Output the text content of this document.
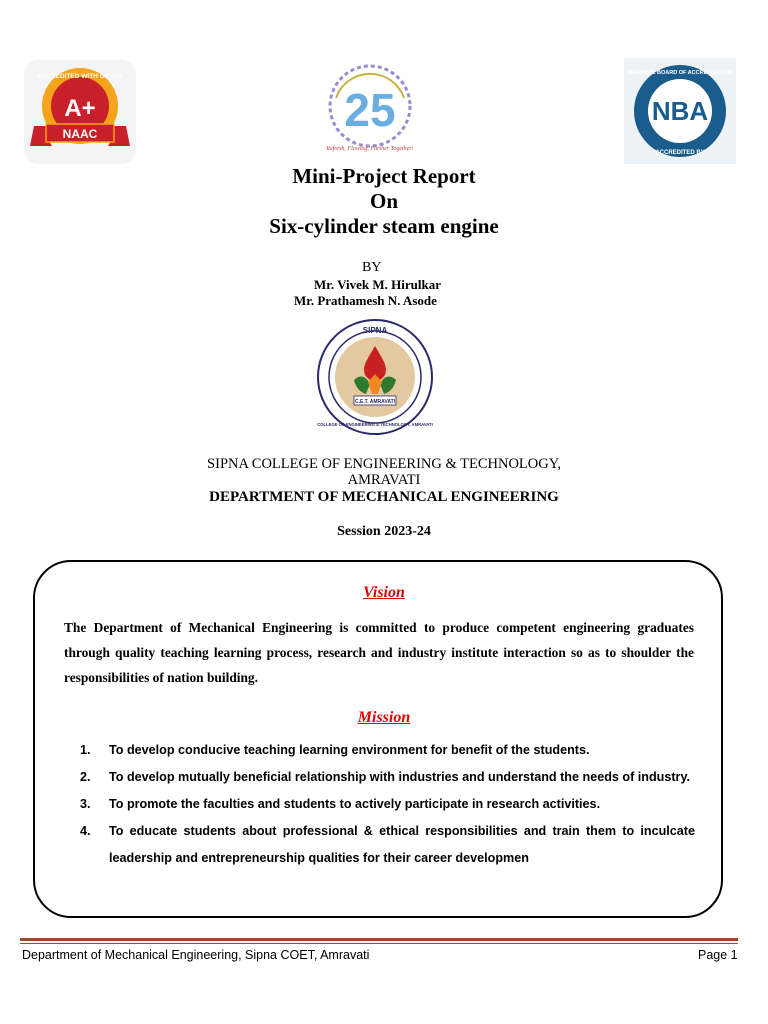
ACCREDITED WITH GRADE
A+
NAAC	25
Refresh, Flowing, Further Together!
NATIONAL BOARD OF ACCREDITATION
NBA
ACCREDITED BY
Mini-Project Report
On
Six-cylinder steam engine
BY
Mr. Vivek M. Hirulkar
Mr. Prathamesh N. Asode
SIPNA
C.E.T. AMRAVATI
COLLEGE OF ENGINEERING & TECHNOLOGY, AMRAVATI
SIPNA COLLEGE OF ENGINEERING & TECHNOLOGY,
AMRAVATI
DEPARTMENT OF MECHANICAL ENGINEERING
Session 2023-24
Vision
The Department of Mechanical Engineering is committed to produce competent engineering graduates through quality teaching learning process, research and industry institute interaction so as to shoulder the responsibilities of nation building.
Mission
1.	To develop conducive teaching learning environment for benefit of the students.
2.	To develop mutually beneficial relationship with industries and understand the needs of industry.
3.	To promote the faculties and students to actively participate in research activities.
4.	To educate students about professional & ethical responsibilities and train them to inculcate leadership and entrepreneurship qualities for their career developmen
Department of Mechanical Engineering, Sipna COET, Amravati	Page 1
